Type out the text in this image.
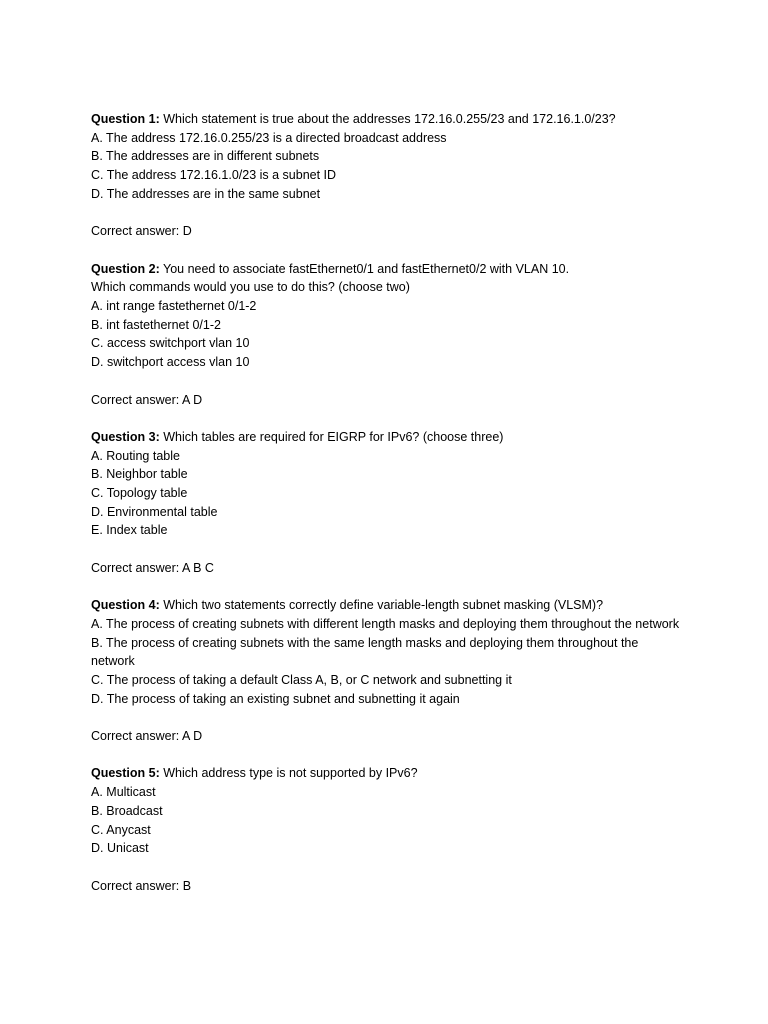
Question 1: Which statement is true about the addresses 172.16.0.255/23 and 172.16.1.0/23?
A. The address 172.16.0.255/23 is a directed broadcast address
B. The addresses are in different subnets
C. The address 172.16.1.0/23 is a subnet ID
D. The addresses are in the same subnet
Correct answer: D
Question 2: You need to associate fastEthernet0/1 and fastEthernet0/2 with VLAN 10.
Which commands would you use to do this? (choose two)
A. int range fastethernet 0/1-2
B. int fastethernet 0/1-2
C. access switchport vlan 10
D. switchport access vlan 10
Correct answer: A D
Question 3: Which tables are required for EIGRP for IPv6? (choose three)
A. Routing table
B. Neighbor table
C. Topology table
D. Environmental table
E. Index table
Correct answer: A B C
Question 4: Which two statements correctly define variable-length subnet masking (VLSM)?
A. The process of creating subnets with different length masks and deploying them throughout the network
B. The process of creating subnets with the same length masks and deploying them throughout the network
C. The process of taking a default Class A, B, or C network and subnetting it
D. The process of taking an existing subnet and subnetting it again
Correct answer: A D
Question 5: Which address type is not supported by IPv6?
A. Multicast
B. Broadcast
C. Anycast
D. Unicast
Correct answer: B
